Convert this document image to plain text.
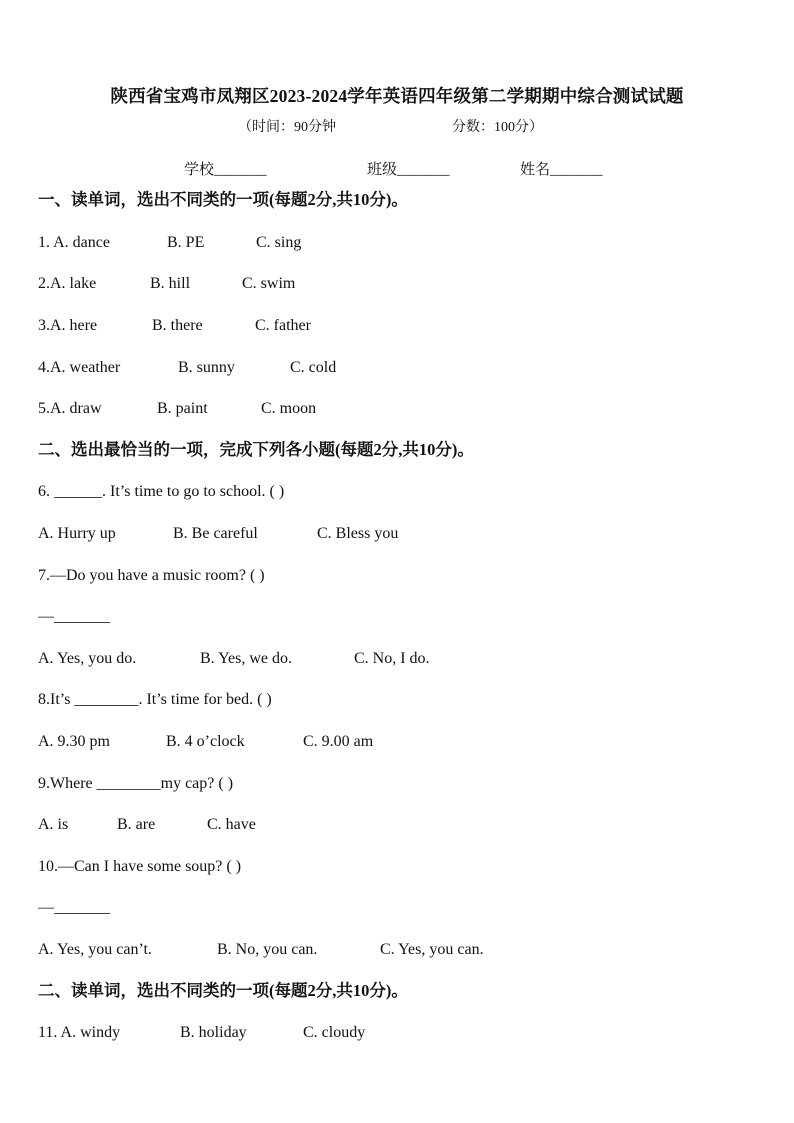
陕西省宝鸡市凤翔区2023-2024学年英语四年级第二学期期中综合测试试题
（时间：90分钟	分数：100分）
学校_______	班级_______	姓名_______
一、读单词，选出不同类的一项(每题2分,共10分)。
1. A. dance	B. PE	C. sing
2.A. lake	B. hill	C. swim
3.A. here	B. there	C. father
4.A. weather	B. sunny	C. cold
5.A. draw	B. paint	C. moon
二、选出最恰当的一项，完成下列各小题(每题2分,共10分)。
6. ______. It’s time to go to school. ( )
A. Hurry up	B. Be careful	C. Bless you
7.—Do you have a music room? ( )
—_______
A. Yes, you do.	B. Yes, we do.	C. No, I do.
8.It’s ________. It’s time for bed. ( )
A. 9.30 pm	B. 4 o’clock	C. 9.00 am
9.Where ________my cap? ( )
A. is	B. are	C. have
10.—Can I have some soup? ( )
—_______
A. Yes, you can’t.	B. No, you can.	C. Yes, you can.
二、读单词，选出不同类的一项(每题2分,共10分)。
11. A. windy	B. holiday	C. cloudy
